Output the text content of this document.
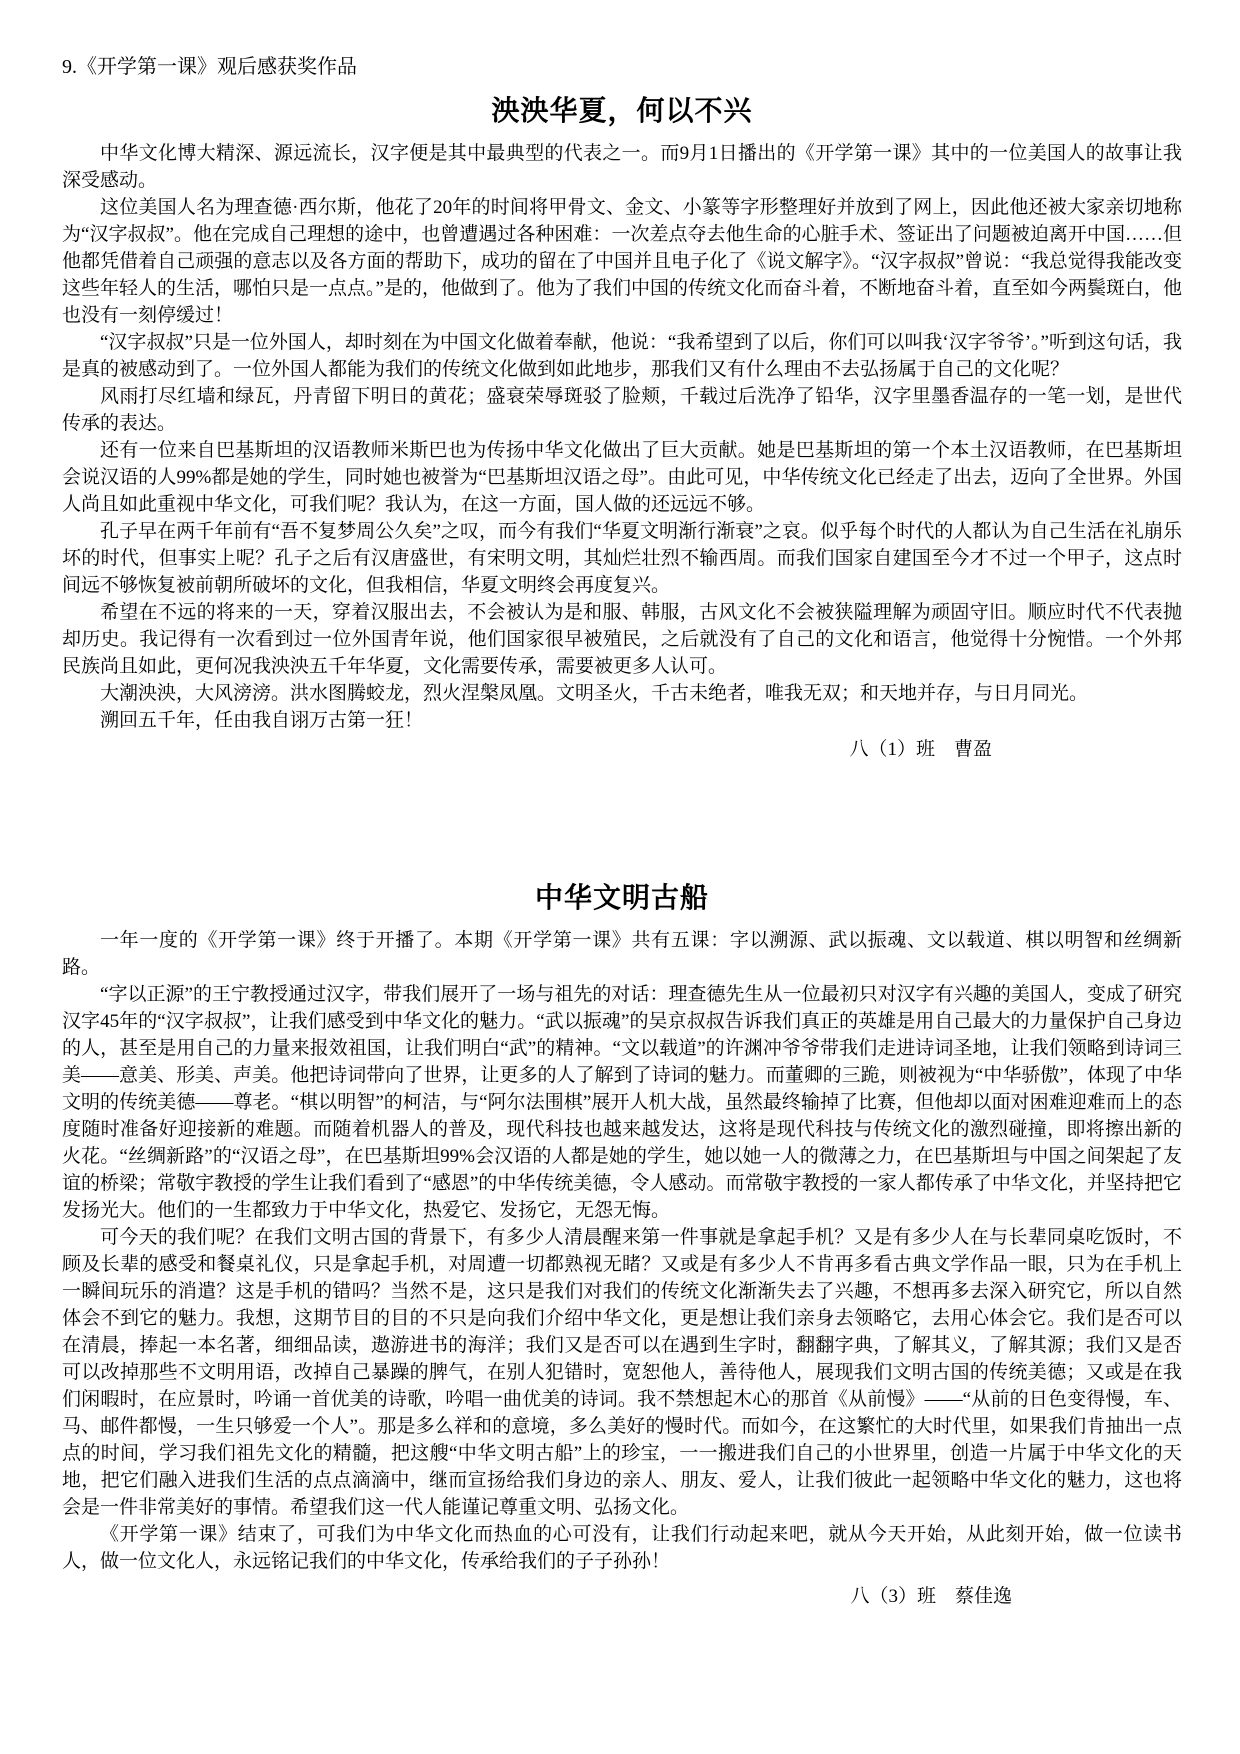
9.《开学第一课》观后感获奖作品
泱泱华夏，何以不兴

中华文化博大精深、源远流长，汉字便是其中最典型的代表之一。而9月1日播出的《开学第一课》其中的一位美国人的故事让我深受感动。

这位美国人名为理查德·西尔斯，他花了20年的时间将甲骨文、金文、小篆等字形整理好并放到了网上，因此他还被大家亲切地称为“汉字叔叔”。他在完成自己理想的途中，也曾遭遇过各种困难：一次差点夺去他生命的心脏手术、签证出了问题被迫离开中国……但他都凭借着自己顽强的意志以及各方面的帮助下，成功的留在了中国并且电子化了《说文解字》。“汉字叔叔”曾说：“我总觉得我能改变这些年轻人的生活，哪怕只是一点点。”是的，他做到了。他为了我们中国的传统文化而奋斗着，不断地奋斗着，直至如今两鬓斑白，他也没有一刻停缓过！

“汉字叔叔”只是一位外国人，却时刻在为中国文化做着奉献，他说：“我希望到了以后，你们可以叫我‘汉字爷爷’。”听到这句话，我是真的被感动到了。一位外国人都能为我们的传统文化做到如此地步，那我们又有什么理由不去弘扬属于自己的文化呢？

风雨打尽红墙和绿瓦，丹青留下明日的黄花；盛衰荣辱斑驳了脸颊，千载过后洗净了铅华，汉字里墨香温存的一笔一划，是世代传承的表达。

还有一位来自巴基斯坦的汉语教师米斯巴也为传扬中华文化做出了巨大贡献。她是巴基斯坦的第一个本土汉语教师，在巴基斯坦会说汉语的人99%都是她的学生，同时她也被誉为“巴基斯坦汉语之母”。由此可见，中华传统文化已经走了出去，迈向了全世界。外国人尚且如此重视中华文化，可我们呢？我认为，在这一方面，国人做的还远远不够。

孔子早在两千年前有“吾不复梦周公久矣”之叹，而今有我们“华夏文明渐行渐衰”之哀。似乎每个时代的人都认为自己生活在礼崩乐坏的时代，但事实上呢？孔子之后有汉唐盛世，有宋明文明，其灿烂壮烈不输西周。而我们国家自建国至今才不过一个甲子，这点时间远不够恢复被前朝所破坏的文化，但我相信，华夏文明终会再度复兴。

希望在不远的将来的一天，穿着汉服出去，不会被认为是和服、韩服，古风文化不会被狭隘理解为顽固守旧。顺应时代不代表抛却历史。我记得有一次看到过一位外国青年说，他们国家很早被殖民，之后就没有了自己的文化和语言，他觉得十分惋惜。一个外邦民族尚且如此，更何况我泱泱五千年华夏，文化需要传承，需要被更多人认可。

大潮泱泱，大风滂滂。洪水图腾蛟龙，烈火涅槃凤凰。文明圣火，千古未绝者，唯我无双；和天地并存，与日月同光。

溯回五千年，任由我自诩万古第一狂！

八（1）班　曹盈

中华文明古船

一年一度的《开学第一课》终于开播了。本期《开学第一课》共有五课：字以溯源、武以振魂、文以载道、棋以明智和丝绸新路。

“字以正源”的王宁教授通过汉字，带我们展开了一场与祖先的对话：理查德先生从一位最初只对汉字有兴趣的美国人，变成了研究汉字45年的“汉字叔叔”，让我们感受到中华文化的魅力。“武以振魂”的吴京叔叔告诉我们真正的英雄是用自己最大的力量保护自己身边的人，甚至是用自己的力量来报效祖国，让我们明白“武”的精神。“文以载道”的许渊冲爷爷带我们走进诗词圣地，让我们领略到诗词三美——意美、形美、声美。他把诗词带向了世界，让更多的人了解到了诗词的魅力。而董卿的三跪，则被视为“中华骄傲”，体现了中华文明的传统美德——尊老。“棋以明智”的柯洁，与“阿尔法围棋”展开人机大战，虽然最终输掉了比赛，但他却以面对困难迎难而上的态度随时准备好迎接新的难题。而随着机器人的普及，现代科技也越来越发达，这将是现代科技与传统文化的激烈碰撞，即将擦出新的火花。“丝绸新路”的“汉语之母”，在巴基斯坦99%会汉语的人都是她的学生，她以她一人的微薄之力，在巴基斯坦与中国之间架起了友谊的桥梁；常敬宇教授的学生让我们看到了“感恩”的中华传统美德，令人感动。而常敬宇教授的一家人都传承了中华文化，并坚持把它发扬光大。他们的一生都致力于中华文化，热爱它、发扬它，无怨无悔。

可今天的我们呢？在我们文明古国的背景下，有多少人清晨醒来第一件事就是拿起手机？又是有多少人在与长辈同桌吃饭时，不顾及长辈的感受和餐桌礼仪，只是拿起手机，对周遭一切都熟视无睹？又或是有多少人不肯再多看古典文学作品一眼，只为在手机上一瞬间玩乐的消遣？这是手机的错吗？当然不是，这只是我们对我们的传统文化渐渐失去了兴趣，不想再多去深入研究它，所以自然体会不到它的魅力。我想，这期节目的目的不只是向我们介绍中华文化，更是想让我们亲身去领略它，去用心体会它。我们是否可以在清晨，捧起一本名著，细细品读，遨游进书的海洋；我们又是否可以在遇到生字时，翻翻字典，了解其义，了解其源；我们又是否可以改掉那些不文明用语，改掉自己暴躁的脾气，在别人犯错时，宽恕他人，善待他人，展现我们文明古国的传统美德；又或是在我们闲暇时，在应景时，吟诵一首优美的诗歌，吟唱一曲优美的诗词。我不禁想起木心的那首《从前慢》——“从前的日色变得慢，车、马、邮件都慢，一生只够爱一个人”。那是多么祥和的意境，多么美好的慢时代。而如今，在这繁忙的大时代里，如果我们肯抽出一点点的时间，学习我们祖先文化的精髓，把这艘“中华文明古船”上的珍宝，一一搬进我们自己的小世界里，创造一片属于中华文化的天地，把它们融入进我们生活的点点滴滴中，继而宣扬给我们身边的亲人、朋友、爱人，让我们彼此一起领略中华文化的魅力，这也将会是一件非常美好的事情。希望我们这一代人能谨记尊重文明、弘扬文化。

《开学第一课》结束了，可我们为中华文化而热血的心可没有，让我们行动起来吧，就从今天开始，从此刻开始，做一位读书人，做一位文化人，永远铭记我们的中华文化，传承给我们的子子孙孙！

八（3）班　蔡佳逸
